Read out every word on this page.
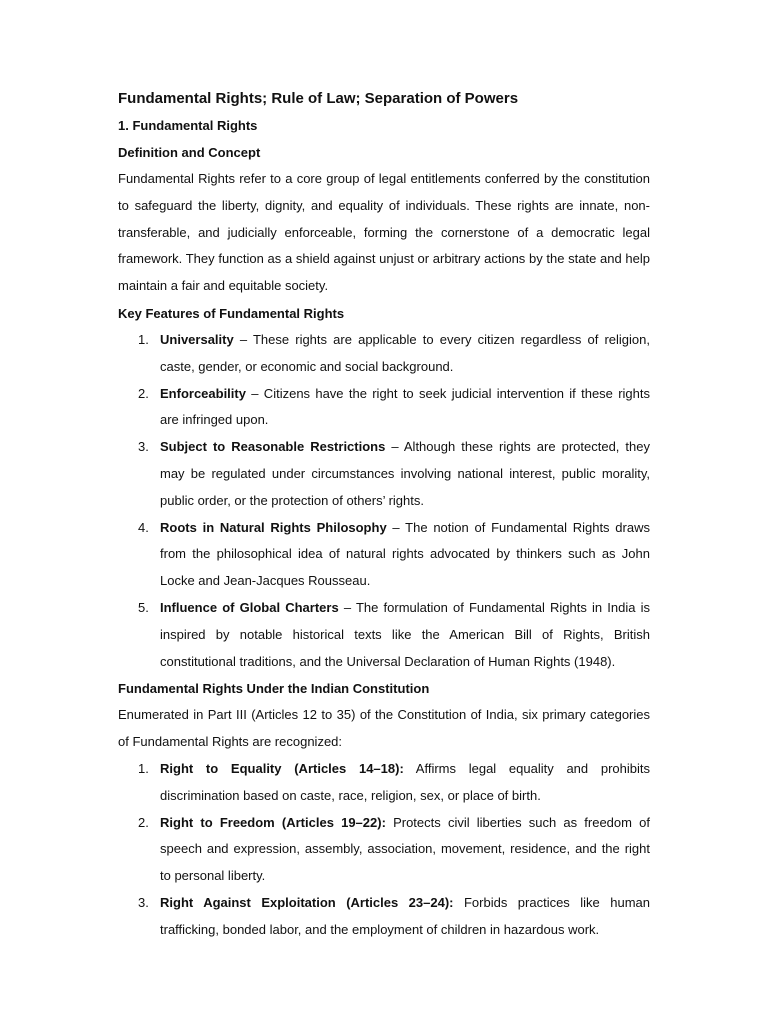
Fundamental Rights; Rule of Law; Separation of Powers
1. Fundamental Rights
Definition and Concept

Fundamental Rights refer to a core group of legal entitlements conferred by the constitution to safeguard the liberty, dignity, and equality of individuals. These rights are innate, non-transferable, and judicially enforceable, forming the cornerstone of a democratic legal framework. They function as a shield against unjust or arbitrary actions by the state and help maintain a fair and equitable society.

Key Features of Fundamental Rights
1. Universality – These rights are applicable to every citizen regardless of religion, caste, gender, or economic and social background.
2. Enforceability – Citizens have the right to seek judicial intervention if these rights are infringed upon.
3. Subject to Reasonable Restrictions – Although these rights are protected, they may be regulated under circumstances involving national interest, public morality, public order, or the protection of others’ rights.
4. Roots in Natural Rights Philosophy – The notion of Fundamental Rights draws from the philosophical idea of natural rights advocated by thinkers such as John Locke and Jean-Jacques Rousseau.
5. Influence of Global Charters – The formulation of Fundamental Rights in India is inspired by notable historical texts like the American Bill of Rights, British constitutional traditions, and the Universal Declaration of Human Rights (1948).
Fundamental Rights Under the Indian Constitution

Enumerated in Part III (Articles 12 to 35) of the Constitution of India, six primary categories of Fundamental Rights are recognized:

1. Right to Equality (Articles 14–18): Affirms legal equality and prohibits discrimination based on caste, race, religion, sex, or place of birth.
2. Right to Freedom (Articles 19–22): Protects civil liberties such as freedom of speech and expression, assembly, association, movement, residence, and the right to personal liberty.
3. Right Against Exploitation (Articles 23–24): Forbids practices like human trafficking, bonded labor, and the employment of children in hazardous work.
